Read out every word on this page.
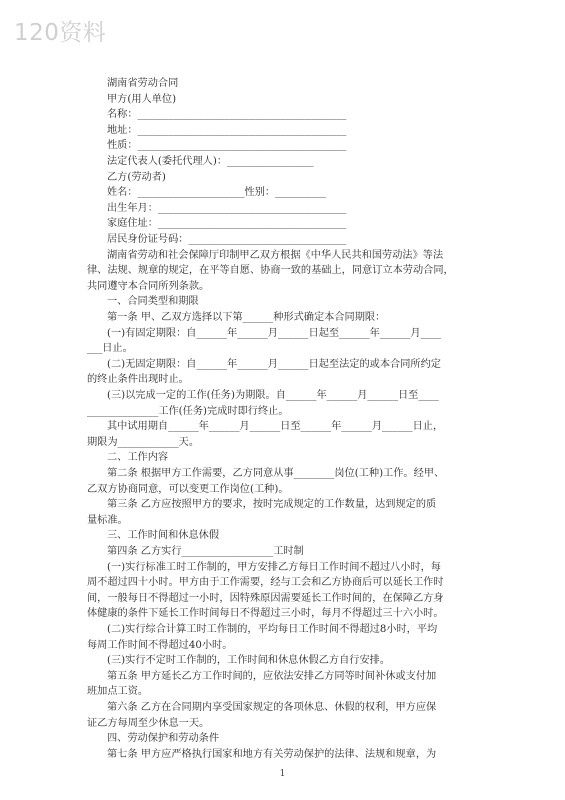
120资料
湖南省劳动合同
甲方(用人单位)
名称：_________________________________________
地址：_________________________________________
性质：_________________________________________
法定代表人(委托代理人)：_________________
乙方(劳动者)
姓名：_____________________性别：__________
出生年月：_____________________________________
家庭住址：_____________________________________
居民身份证号码：_______________________________
湖南省劳动和社会保障厅印制甲乙双方根据《中华人民共和国劳动法》等法
律、法规、规章的规定，在平等自愿、协商一致的基础上，同意订立本劳动合同，
共同遵守本合同所列条款。
一、合同类型和期限
第一条 甲、乙双方选择以下第______种形式确定本合同期限：
(一)有固定期限：自______年______月______日起至______年______月____
___日止。
(二)无固定期限：自______年______月______日起至法定的或本合同所约定
的终止条件出现时止。
(三)以完成一定的工作(任务)为期限。自______年______月______日至____
______________工作(任务)完成时即行终止。
其中试用期自______年______月______日至______年______月______日止，
期限为____________天。
二、工作内容
第二条 根据甲方工作需要，乙方同意从事________岗位(工种)工作。经甲、
乙双方协商同意，可以变更工作岗位(工种)。
第三条 乙方应按照甲方的要求，按时完成规定的工作数量，达到规定的质
量标准。
三、工作时间和休息休假
第四条 乙方实行__________________工时制
(一)实行标准工时工作制的，甲方安排乙方每日工作时间不超过八小时，每
周不超过四十小时。甲方由于工作需要，经与工会和乙方协商后可以延长工作时
间，一般每日不得超过一小时，因特殊原因需要延长工作时间的，在保障乙方身
体健康的条件下延长工作时间每日不得超过三小时，每月不得超过三十六小时。
(二)实行综合计算工时工作制的，平均每日工作时间不得超过8小时，平均
每周工作时间不得超过40小时。
(三)实行不定时工作制的，工作时间和休息休假乙方自行安排。
第五条 甲方延长乙方工作时间的，应依法安排乙方同等时间补休或支付加
班加点工资。
第六条 乙方在合同期内享受国家规定的各项休息、休假的权利，甲方应保
证乙方每周至少休息一天。
1
四、劳动保护和劳动条件
第七条 甲方应严格执行国家和地方有关劳动保护的法律、法规和规章，为
